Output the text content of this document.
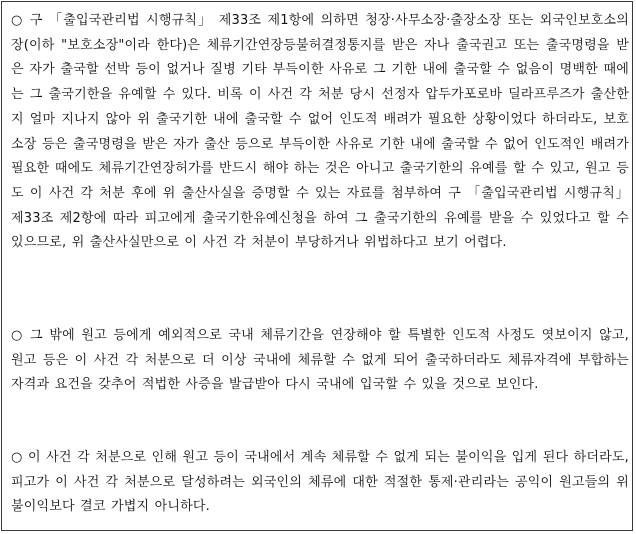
○ 구 「출입국관리법 시행규칙」 제33조 제1항에 의하면 청장·사무소장·출장소장 또는 외국인보호소의 장(이하 "보호소장"이라 한다)은 체류기간연장등불허결정통지를 받은 자나 출국권고 또는 출국명령을 받은 자가 출국할 선박 등이 없거나 질병 기타 부득이한 사유로 그 기한 내에 출국할 수 없음이 명백한 때에는 그 출국기한을 유예할 수 있다. 비록 이 사건 각 처분 당시 선정자 압두가포로바 딜라프루즈가 출산한 지 얼마 지나지 않아 위 출국기한 내에 출국할 수 없어 인도적 배려가 필요한 상황이었다 하더라도, 보호소장 등은 출국명령을 받은 자가 출산 등으로 부득이한 사유로 기한 내에 출국할 수 없어 인도적인 배려가 필요한 때에도 체류기간연장허가를 반드시 해야 하는 것은 아니고 출국기한의 유예를 할 수 있고, 원고 등도 이 사건 각 처분 후에 위 출산사실을 증명할 수 있는 자료를 첨부하여 구 「출입국관리법 시행규칙」 제33조 제2항에 따라 피고에게 출국기한유예신청을 하여 그 출국기한의 유예를 받을 수 있었다고 할 수 있으므로, 위 출산사실만으로 이 사건 각 처분이 부당하거나 위법하다고 보기 어렵다.
○ 그 밖에 원고 등에게 예외적으로 국내 체류기간을 연장해야 할 특별한 인도적 사정도 엿보이지 않고, 원고 등은 이 사건 각 처분으로 더 이상 국내에 체류할 수 없게 되어 출국하더라도 체류자격에 부합하는 자격과 요건을 갖추어 적법한 사증을 발급받아 다시 국내에 입국할 수 있을 것으로 보인다.
○ 이 사건 각 처분으로 인해 원고 등이 국내에서 계속 체류할 수 없게 되는 불이익을 입게 된다 하더라도, 피고가 이 사건 각 처분으로 달성하려는 외국인의 체류에 대한 적절한 통제·관리라는 공익이 원고들의 위 불이익보다 결코 가볍지 아니하다.
